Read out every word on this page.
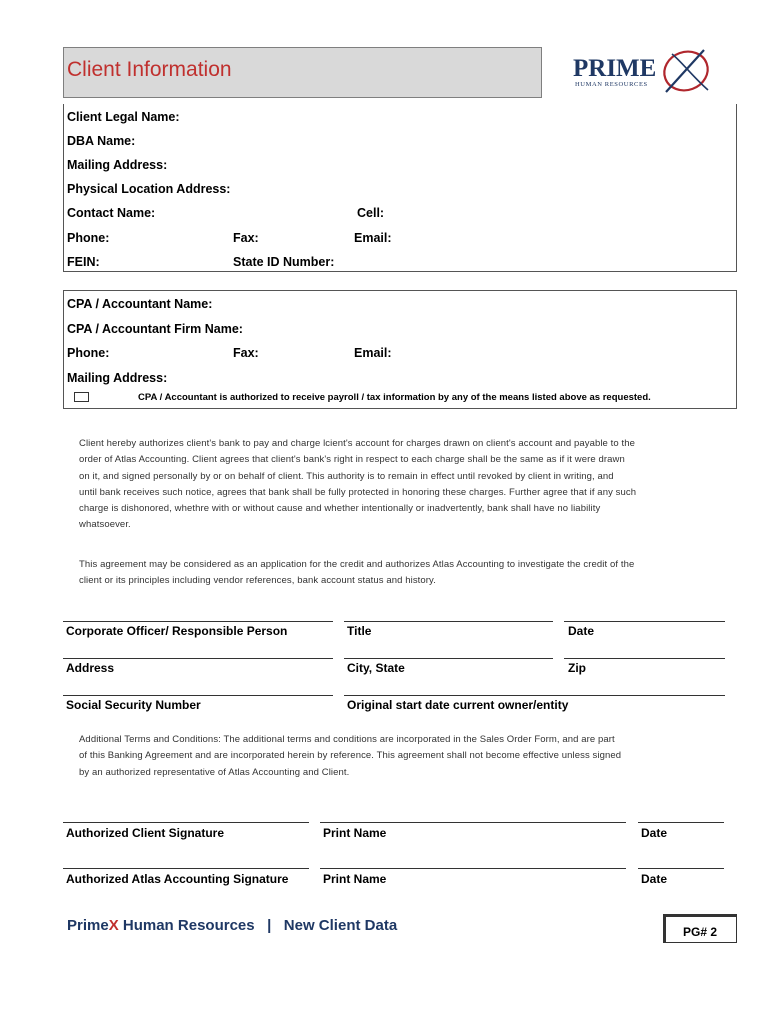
Client Information	PRIME
HUMAN RESOURCES
Client Legal Name:
DBA Name:
Mailing Address:
Physical Location Address:
Contact Name:	Cell:
Phone:	Fax:	Email:
FEIN:	State ID Number:
CPA / Accountant Name:
CPA / Accountant Firm Name:
Phone:	Fax:	Email:
Mailing Address:
CPA / Accountant is authorized to receive payroll / tax information by any of the means listed above as requested.
Client hereby authorizes client's bank to pay and charge lcient's account for charges drawn on client's account and payable to the
order of Atlas Accounting. Client agrees that client's bank's right in respect to each charge shall be the same as if it were drawn
on it, and signed personally by or on behalf of client. This authority is to remain in effect until revoked by client in writing, and
until bank receives such notice, agrees that bank shall be fully protected in honoring these charges. Further agree that if any such
charge is dishonored, whethre with or without cause and whether intentionally or inadvertently, bank shall have no liability
whatsoever.
This agreement may be considered as an application for the credit and authorizes Atlas Accounting to investigate the credit of the
client or its principles including vendor references, bank account status and history.
Corporate Officer/ Responsible Person	Title	Date
Address	City, State	Zip
Social Security Number	Original start date current owner/entity
Additional Terms and Conditions: The additional terms and conditions are incorporated in the Sales Order Form, and are part
of this Banking Agreement and are incorporated herein by reference. This agreement shall not become effective unless signed
by an authorized representative of Atlas Accounting and Client.
Authorized Client Signature	Print Name	Date
Authorized Atlas Accounting Signature	Print Name	Date
PrimeX Human Resources   |   New Client Data	PG# 2
